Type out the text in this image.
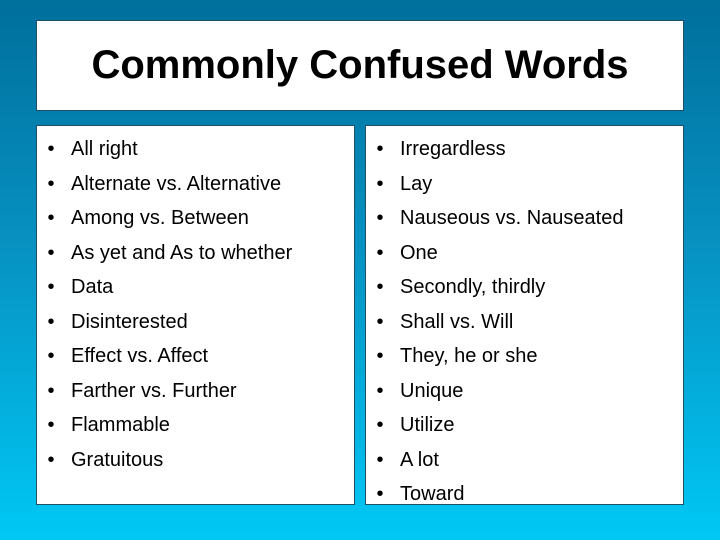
Commonly Confused Words
• All right
• Alternate vs. Alternative
• Among vs. Between
• As yet and As to whether
• Data
• Disinterested
• Effect vs. Affect
• Farther vs. Further
• Flammable
• Gratuitous
• Irregardless
• Lay
• Nauseous vs. Nauseated
• One
• Secondly, thirdly
• Shall vs. Will
• They, he or she
• Unique
• Utilize
• A lot
• Toward
